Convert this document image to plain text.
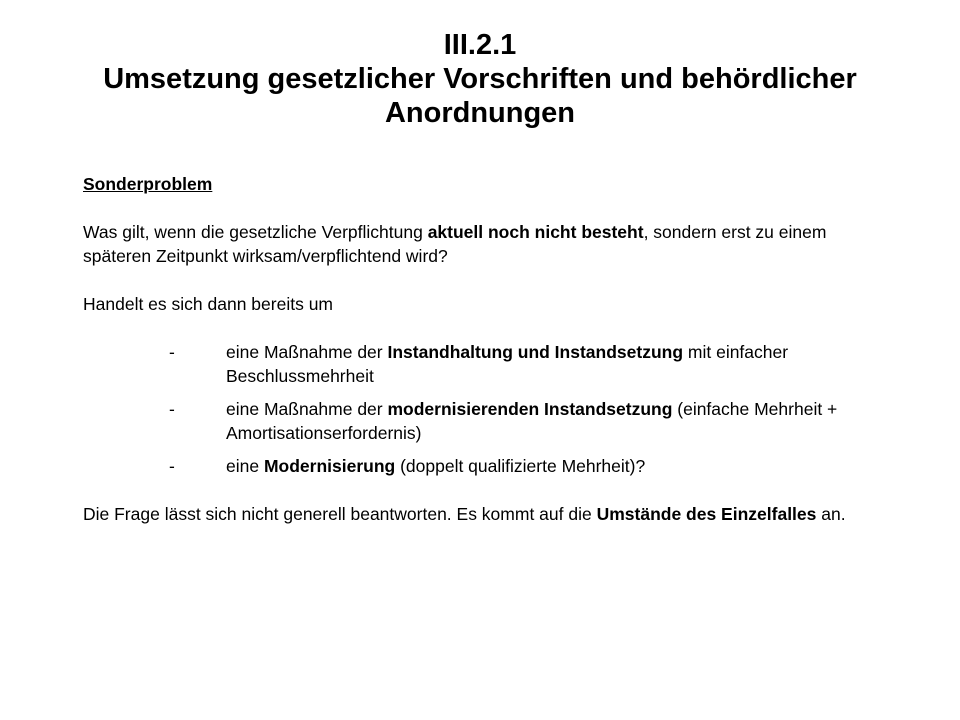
III.2.1
Umsetzung gesetzlicher Vorschriften und behördlicher
Anordnungen
Sonderproblem
Was gilt, wenn die gesetzliche Verpflichtung aktuell noch nicht besteht, sondern erst zu einem späteren Zeitpunkt wirksam/verpflichtend wird?
Handelt es sich dann bereits um
-	eine Maßnahme der Instandhaltung und Instandsetzung mit einfacher Beschlussmehrheit
-	eine Maßnahme der modernisierenden Instandsetzung (einfache Mehrheit + Amortisationserfordernis)
-	eine Modernisierung (doppelt qualifizierte Mehrheit)?
Die Frage lässt sich nicht generell beantworten. Es kommt auf die Umstände des Einzelfalles an.
